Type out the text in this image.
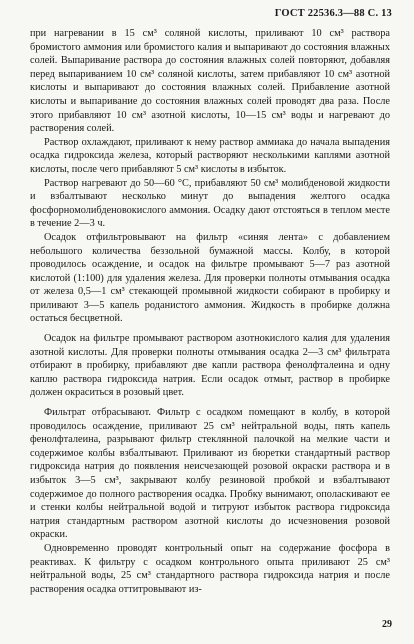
ГОСТ 22536.3—88 С. 13

при нагревании в 15 см³ соляной кислоты, приливают 10 см³ раствора бромистого аммония или бромистого калия и выпаривают до состояния влажных солей. Выпаривание раствора до состояния влажных солей повторяют, добавляя перед выпариванием 10 см³ соляной кислоты, затем прибавляют 10 см³ азотной кислоты и выпаривают до состояния влажных солей. Прибавление азотной кислоты и выпаривание до состояния влажных солей проводят два раза. После этого прибавляют 10 см³ азотной кислоты, 10—15 см³ воды и нагревают до растворения солей.

Раствор охлаждают, приливают к нему раствор аммиака до начала выпадения осадка гидроксида железа, который растворяют несколькими каплями азотной кислоты, после чего прибавляют 5 см³ кислоты в избыток.

Раствор нагревают до 50—60 °C, прибавляют 50 см³ молибденовой жидкости и взбалтывают несколько минут до выпадения желтого осадка фосфорномолибденовокислого аммония. Осадку дают отстояться в теплом месте в течение 2—3 ч.

Осадок отфильтровывают на фильтр «синяя лента» с добавлением небольшого количества беззольной бумажной массы. Колбу, в которой проводилось осаждение, и осадок на фильтре промывают 5—7 раз азотной кислотой (1:100) для удаления железа. Для проверки полноты отмывания осадка от железа 0,5—1 см³ стекающей промывной жидкости собирают в пробирку и приливают 3—5 капель роданистого аммония. Жидкость в пробирке должна остаться бесцветной.

Осадок на фильтре промывают раствором азотнокислого калия для удаления азотной кислоты. Для проверки полноты отмывания осадка 2—3 см³ фильтрата отбирают в пробирку, прибавляют две капли раствора фенолфталеина и одну каплю раствора гидроксида натрия. Если осадок отмыт, раствор в пробирке должен окраситься в розовый цвет.

Фильтрат отбрасывают. Фильтр с осадком помещают в колбу, в которой проводилось осаждение, приливают 25 см³ нейтральной воды, пять капель фенолфталеина, разрывают фильтр стеклянной палочкой на мелкие части и содержимое колбы взбалтывают. Приливают из бюретки стандартный раствор гидроксида натрия до появления неисчезающей розовой окраски раствора и в избыток 3—5 см³, закрывают колбу резиновой пробкой и взбалтывают содержимое до полного растворения осадка. Пробку вынимают, ополаскивают ее и стенки колбы нейтральной водой и титруют избыток раствора гидроксида натрия стандартным раствором азотной кислоты до исчезновения розовой окраски.

Одновременно проводят контрольный опыт на содержание фосфора в реактивах. К фильтру с осадком контрольного опыта приливают 25 см³ нейтральной воды, 25 см³ стандартного раствора гидроксида натрия и после растворения осадка оттитровывают из-

29
